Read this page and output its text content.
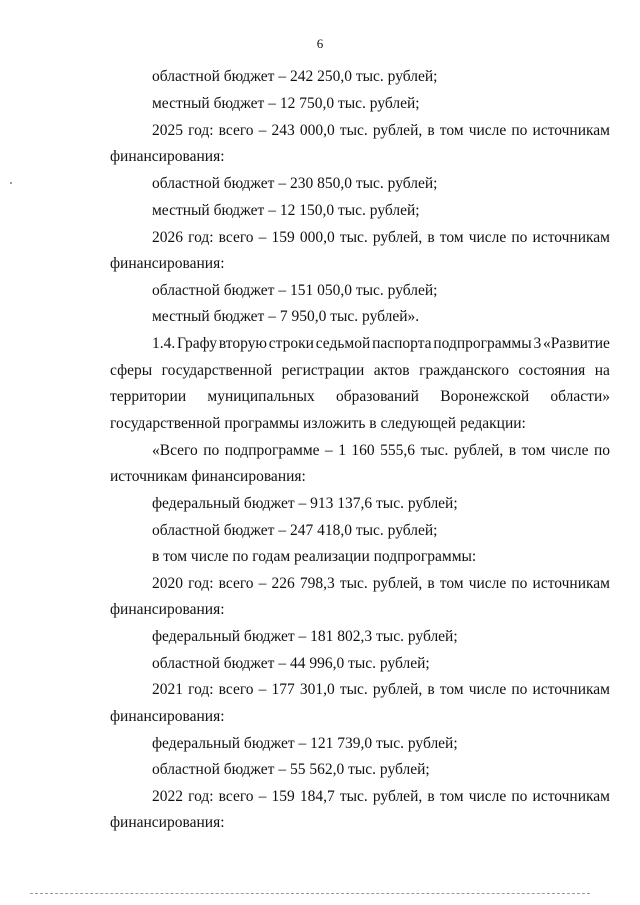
6
областной бюджет – 242 250,0 тыс. рублей;
местный бюджет – 12 750,0 тыс. рублей;
2025 год: всего – 243 000,0 тыс. рублей, в том числе по источникам
финансирования:
областной бюджет – 230 850,0 тыс. рублей;
местный бюджет – 12 150,0 тыс. рублей;
2026 год: всего – 159 000,0 тыс. рублей, в том числе по источникам
финансирования:
областной бюджет – 151 050,0 тыс. рублей;
местный бюджет – 7 950,0 тыс. рублей».
1.4. Графу вторую строки седьмой паспорта подпрограммы 3 «Развитие
сферы государственной регистрации актов гражданского состояния на
территории муниципальных образований Воронежской области»
государственной программы изложить в следующей редакции:
«Всего по подпрограмме – 1 160 555,6 тыс. рублей, в том числе по
источникам финансирования:
федеральный бюджет – 913 137,6 тыс. рублей;
областной бюджет – 247 418,0 тыс. рублей;
в том числе по годам реализации подпрограммы:
2020 год: всего – 226 798,3 тыс. рублей, в том числе по источникам
финансирования:
федеральный бюджет – 181 802,3 тыс. рублей;
областной бюджет – 44 996,0 тыс. рублей;
2021 год: всего – 177 301,0 тыс. рублей, в том числе по источникам
финансирования:
федеральный бюджет – 121 739,0 тыс. рублей;
областной бюджет – 55 562,0 тыс. рублей;
2022 год: всего – 159 184,7 тыс. рублей, в том числе по источникам
финансирования:
